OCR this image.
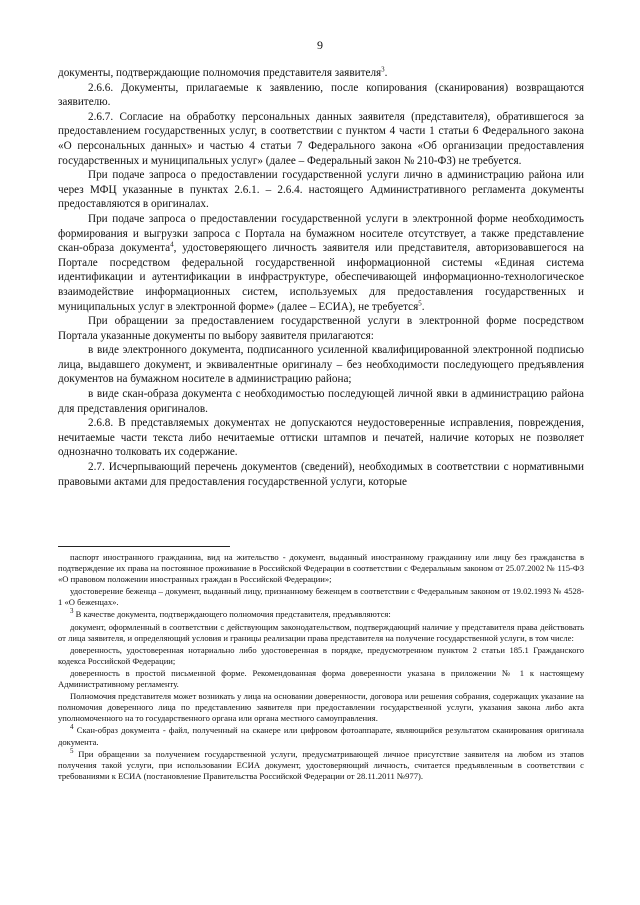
9

документы, подтверждающие полномочия представителя заявителя$^3$.

2.6.6. Документы, прилагаемые к заявлению, после копирования (сканирования) возвращаются заявителю.

2.6.7. Согласие на обработку персональных данных заявителя (представителя), обратившегося за предоставлением государственных услуг, в соответствии с пунктом 4 части 1 статьи 6 Федерального закона «О персональных данных» и частью 4 статьи 7 Федерального закона «Об организации предоставления государственных и муниципальных услуг» (далее – Федеральный закон № 210-ФЗ) не требуется.

При подаче запроса о предоставлении государственной услуги лично в администрацию района или через МФЦ указанные в пунктах 2.6.1. – 2.6.4. настоящего Административного регламента документы предоставляются в оригиналах.

При подаче запроса о предоставлении государственной услуги в электронной форме необходимость формирования и выгрузки запроса с Портала на бумажном носителе отсутствует, а также представление скан-образа документа$^4$, удостоверяющего личность заявителя или представителя, авторизовавшегося на Портале посредством федеральной государственной информационной системы «Единая система идентификации и аутентификации в инфраструктуре, обеспечивающей информационно-технологическое взаимодействие информационных систем, используемых для предоставления государственных и муниципальных услуг в электронной форме» (далее – ЕСИА), не требуется$^5$.

При обращении за предоставлением государственной услуги в электронной форме посредством Портала указанные документы по выбору заявителя прилагаются:

в виде электронного документа, подписанного усиленной квалифицированной электронной подписью лица, выдавшего документ, и эквивалентные оригиналу – без необходимости последующего предъявления документов на бумажном носителе в администрацию района;

в виде скан-образа документа с необходимостью последующей личной явки в администрацию района для представления оригиналов.

2.6.8. В представляемых документах не допускаются неудостоверенные исправления, повреждения, нечитаемые части текста либо нечитаемые оттиски штампов и печатей, наличие которых не позволяет однозначно толковать их содержание.

2.7. Исчерпывающий перечень документов (сведений), необходимых в соответствии с нормативными правовыми актами для предоставления государственной услуги, которые

паспорт иностранного гражданина, вид на жительство - документ, выданный иностранному гражданину или лицу без гражданства в подтверждение их права на постоянное проживание в Российской Федерации в соответствии с Федеральным законом от 25.07.2002 № 115-ФЗ «О правовом положении иностранных граждан в Российской Федерации»;

удостоверение беженца – документ, выданный лицу, признанному беженцем в соответствии с Федеральным законом от 19.02.1993 № 4528-1 «О беженцах».

$^3$ В качестве документа, подтверждающего полномочия представителя, предъявляются:

документ, оформленный в соответствии с действующим законодательством, подтверждающий наличие у представителя права действовать от лица заявителя, и определяющий условия и границы реализации права представителя на получение государственной услуги, в том числе:

доверенность, удостоверенная нотариально либо удостоверенная в порядке, предусмотренном пунктом 2 статьи 185.1 Гражданского кодекса Российской Федерации;

доверенность в простой письменной форме. Рекомендованная форма доверенности указана в приложении № 1 к настоящему Административному регламенту.

Полномочия представителя может возникать у лица на основании доверенности, договора или решения собрания, содержащих указание на полномочия доверенного лица по представлению заявителя при предоставлении государственной услуги, указания закона либо акта уполномоченного на то государственного органа или органа местного самоуправления.

$^4$ Скан-образ документа - файл, полученный на сканере или цифровом фотоаппарате, являющийся результатом сканирования оригинала документа.

$^5$ При обращении за получением государственной услуги, предусматривающей личное присутствие заявителя на любом из этапов получения такой услуги, при использовании ЕСИА документ, удостоверяющий личность, считается предъявленным в соответствии с требованиями к ЕСИА (постановление Правительства Российской Федерации от 28.11.2011 №977).
